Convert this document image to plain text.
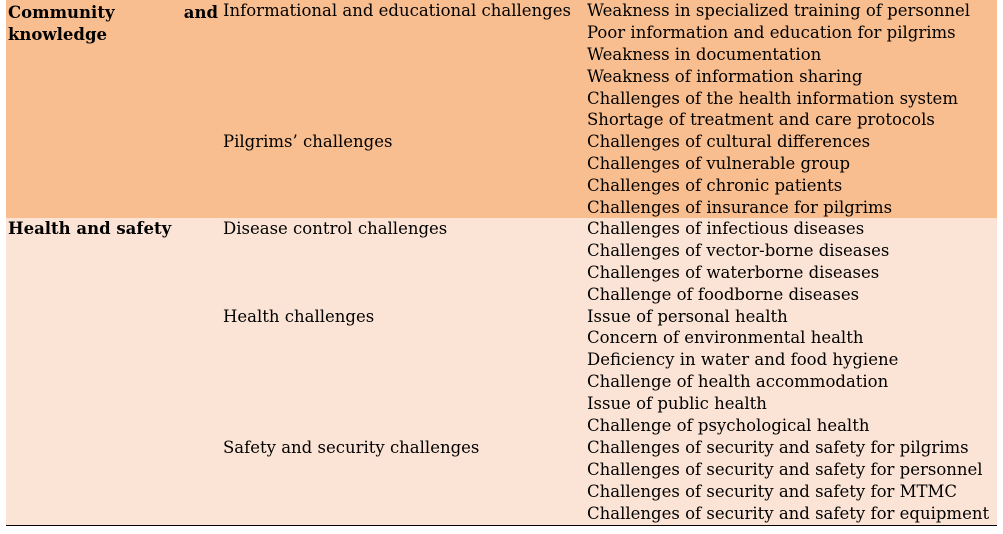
Community	and
knowledge
Informational and educational challenges
Pilgrims’ challenges
Weakness in specialized training of personnel
Poor information and education for pilgrims
Weakness in documentation
Weakness of information sharing
Challenges of the health information system
Shortage of treatment and care protocols
Challenges of cultural differences
Challenges of vulnerable group
Challenges of chronic patients
Challenges of insurance for pilgrims
Health and safety	Disease control challenges
Health challenges
Safety and security challenges
Challenges of infectious diseases
Challenges of vector-borne diseases
Challenges of waterborne diseases
Challenge of foodborne diseases
Issue of personal health
Concern of environmental health
Deficiency in water and food hygiene
Challenge of health accommodation
Issue of public health
Challenge of psychological health
Challenges of security and safety for pilgrims
Challenges of security and safety for personnel
Challenges of security and safety for MTMC
Challenges of security and safety for equipment
